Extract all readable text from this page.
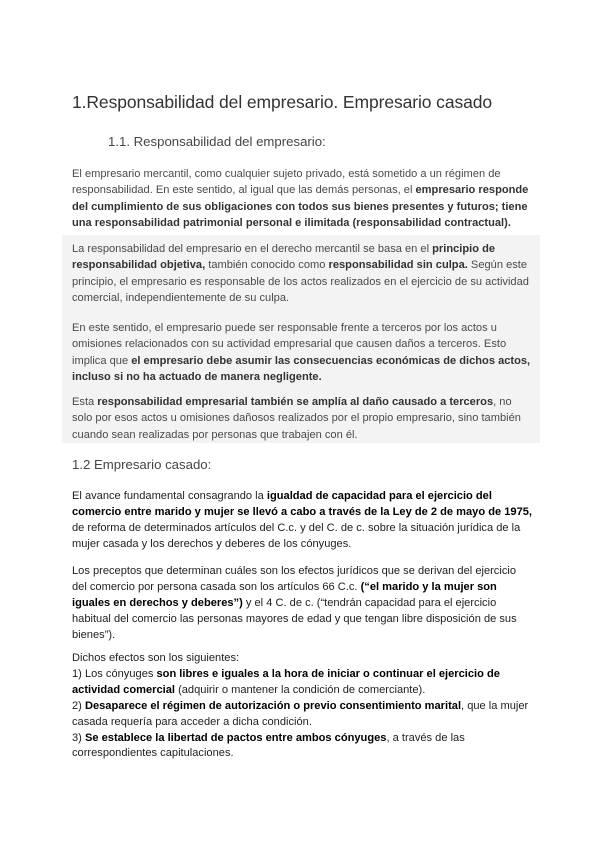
1.Responsabilidad del empresario. Empresario casado
1.1. Responsabilidad del empresario:
El empresario mercantil, como cualquier sujeto privado, está sometido a un régimen de responsabilidad. En este sentido, al igual que las demás personas, el empresario responde del cumplimiento de sus obligaciones con todos sus bienes presentes y futuros; tiene una responsabilidad patrimonial personal e ilimitada (responsabilidad contractual).
La responsabilidad del empresario en el derecho mercantil se basa en el principio de responsabilidad objetiva, también conocido como responsabilidad sin culpa. Según este principio, el empresario es responsable de los actos realizados en el ejercicio de su actividad comercial, independientemente de su culpa.
En este sentido, el empresario puede ser responsable frente a terceros por los actos u omisiones relacionados con su actividad empresarial que causen daños a terceros. Esto implica que el empresario debe asumir las consecuencias económicas de dichos actos, incluso si no ha actuado de manera negligente.
Esta responsabilidad empresarial también se amplía al daño causado a terceros, no solo por esos actos u omisiones dañosos realizados por el propio empresario, sino también cuando sean realizadas por personas que trabajen con él.
1.2 Empresario casado:
El avance fundamental consagrando la igualdad de capacidad para el ejercicio del comercio entre marido y mujer se llevó a cabo a través de la Ley de 2 de mayo de 1975, de reforma de determinados artículos del C.c. y del C. de c. sobre la situación jurídica de la mujer casada y los derechos y deberes de los cónyuges.
Los preceptos que determinan cuáles son los efectos jurídicos que se derivan del ejercicio del comercio por persona casada son los artículos 66 C.c. (“el marido y la mujer son iguales en derechos y deberes”) y el 4 C. de c. (“tendrán capacidad para el ejercicio habitual del comercio las personas mayores de edad y que tengan libre disposición de sus bienes”).
Dichos efectos son los siguientes:
1) Los cónyuges son libres e iguales a la hora de iniciar o continuar el ejercicio de actividad comercial (adquirir o mantener la condición de comerciante).
2) Desaparece el régimen de autorización o previo consentimiento marital, que la mujer casada requería para acceder a dicha condición.
3) Se establece la libertad de pactos entre ambos cónyuges, a través de las correspondientes capitulaciones.
